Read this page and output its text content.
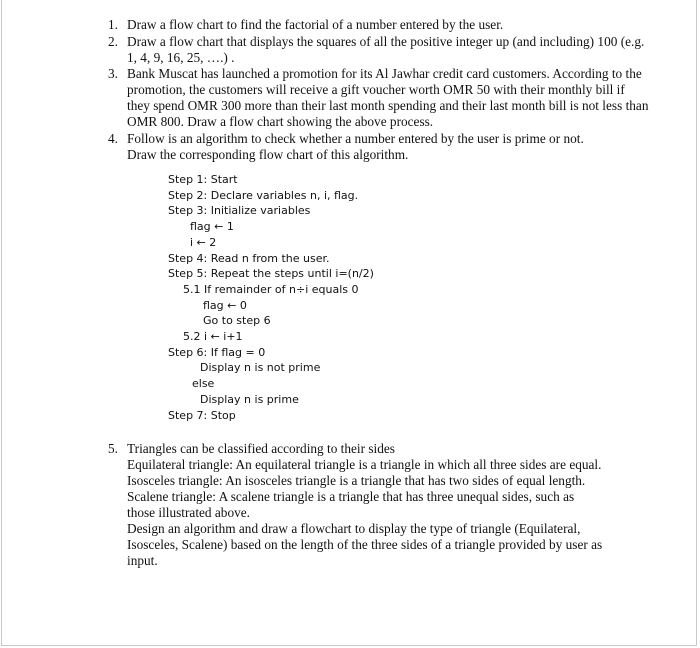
1. Draw a flow chart to find the factorial of a number entered by the user.
2. Draw a flow chart that displays the squares of all the positive integer up (and including) 100 (e.g.
1, 4, 9, 16, 25, ….) .
3. Bank Muscat has launched a promotion for its Al Jawhar credit card customers. According to the
promotion, the customers will receive a gift voucher worth OMR 50 with their monthly bill if
they spend OMR 300 more than their last month spending and their last month bill is not less than
OMR 800. Draw a flow chart showing the above process.
4. Follow is an algorithm to check whether a number entered by the user is prime or not.
Draw the corresponding flow chart of this algorithm.
Step 1: Start
Step 2: Declare variables n, i, flag.
Step 3: Initialize variables
flag ← 1
i ← 2
Step 4: Read n from the user.
Step 5: Repeat the steps until i=(n/2)
5.1 If remainder of n÷i equals 0
flag ← 0
Go to step 6
5.2 i ← i+1
Step 6: If flag = 0
Display n is not prime
else
Display n is prime
Step 7: Stop
5. Triangles can be classified according to their sides
Equilateral triangle: An equilateral triangle is a triangle in which all three sides are equal.
Isosceles triangle: An isosceles triangle is a triangle that has two sides of equal length.
Scalene triangle: A scalene triangle is a triangle that has three unequal sides, such as
those illustrated above.
Design an algorithm and draw a flowchart to display the type of triangle (Equilateral,
Isosceles, Scalene) based on the length of the three sides of a triangle provided by user as
input.
